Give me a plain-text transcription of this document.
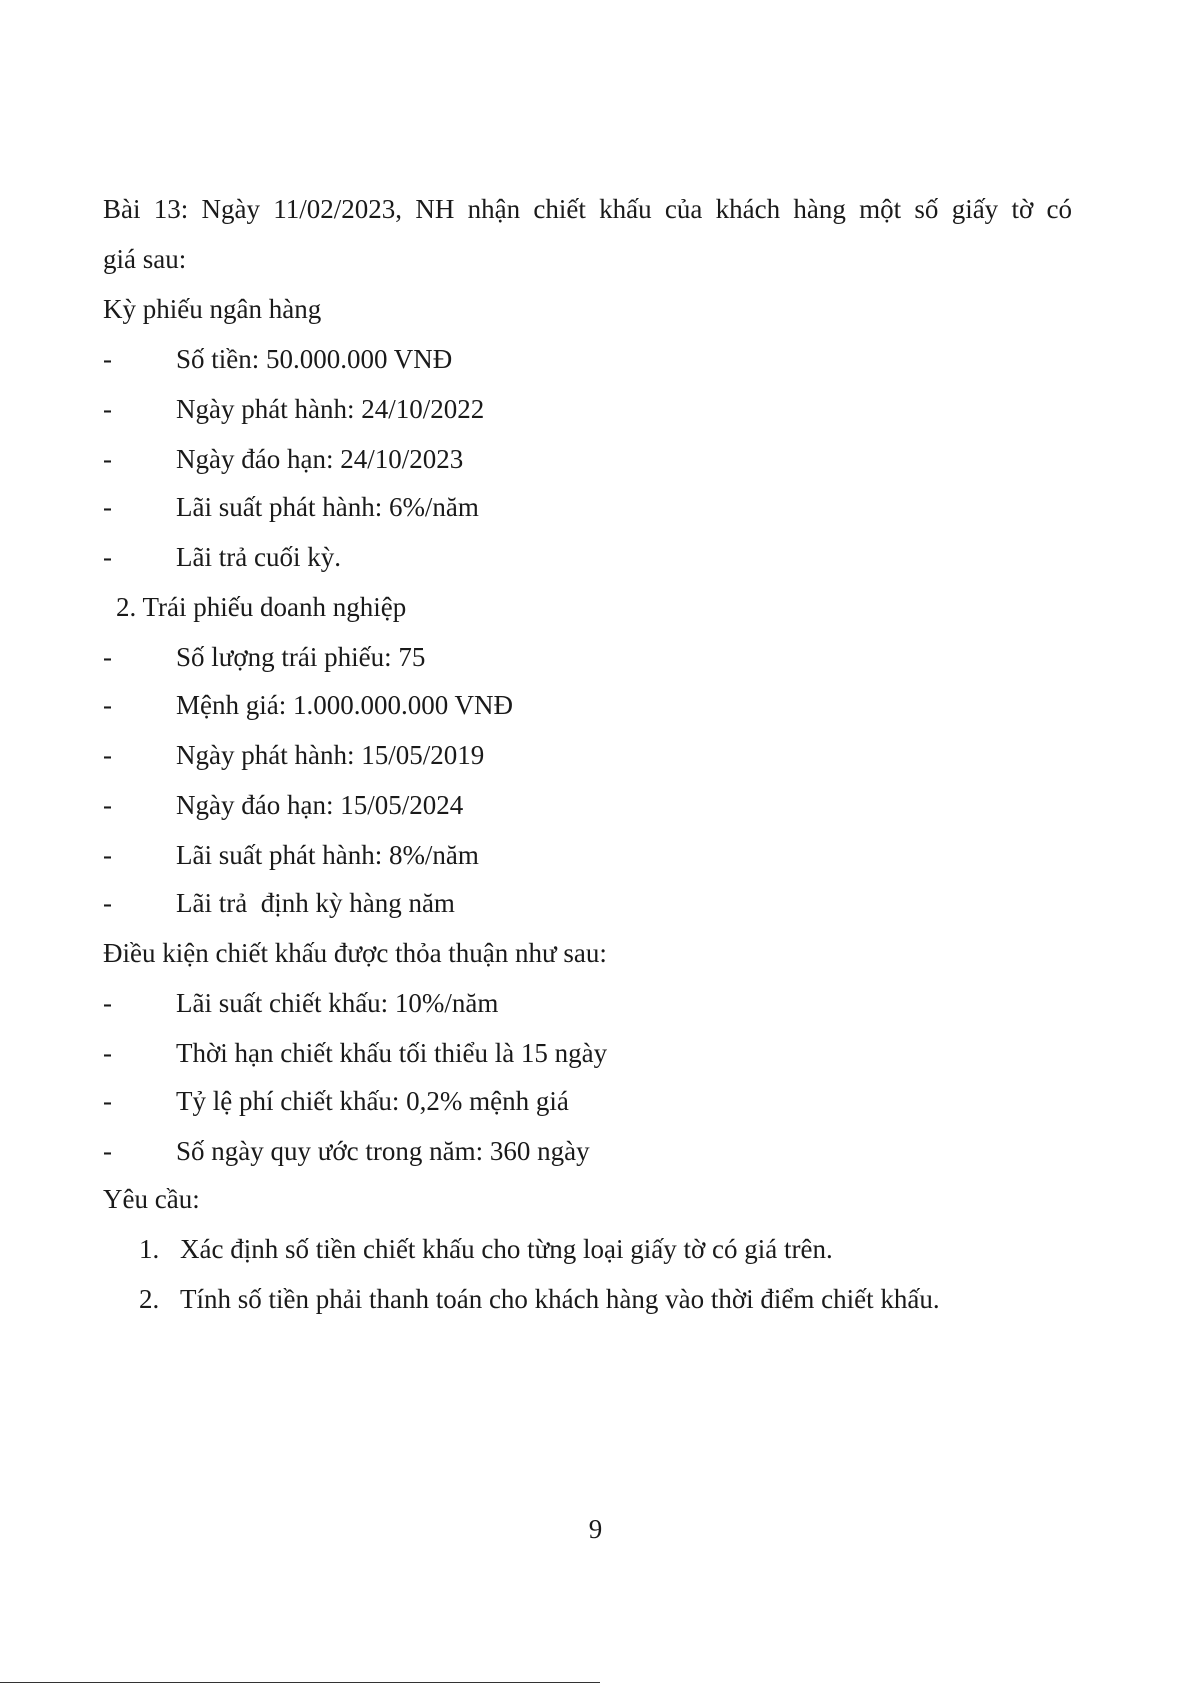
Bài 13: Ngày 11/02/2023, NH nhận chiết khấu của khách hàng một số giấy tờ có
giá sau:
Kỳ phiếu ngân hàng
- Số tiền: 50.000.000 VNĐ
- Ngày phát hành: 24/10/2022
- Ngày đáo hạn: 24/10/2023
- Lãi suất phát hành: 6%/năm
- Lãi trả cuối kỳ.
2. Trái phiếu doanh nghiệp
- Số lượng trái phiếu: 75
- Mệnh giá: 1.000.000.000 VNĐ
- Ngày phát hành: 15/05/2019
- Ngày đáo hạn: 15/05/2024
- Lãi suất phát hành: 8%/năm
- Lãi trả  định kỳ hàng năm
Điều kiện chiết khấu được thỏa thuận như sau:
- Lãi suất chiết khấu: 10%/năm
- Thời hạn chiết khấu tối thiểu là 15 ngày
- Tỷ lệ phí chiết khấu: 0,2% mệnh giá
- Số ngày quy ước trong năm: 360 ngày
Yêu cầu:
1. Xác định số tiền chiết khấu cho từng loại giấy tờ có giá trên.
2. Tính số tiền phải thanh toán cho khách hàng vào thời điểm chiết khấu.
9
